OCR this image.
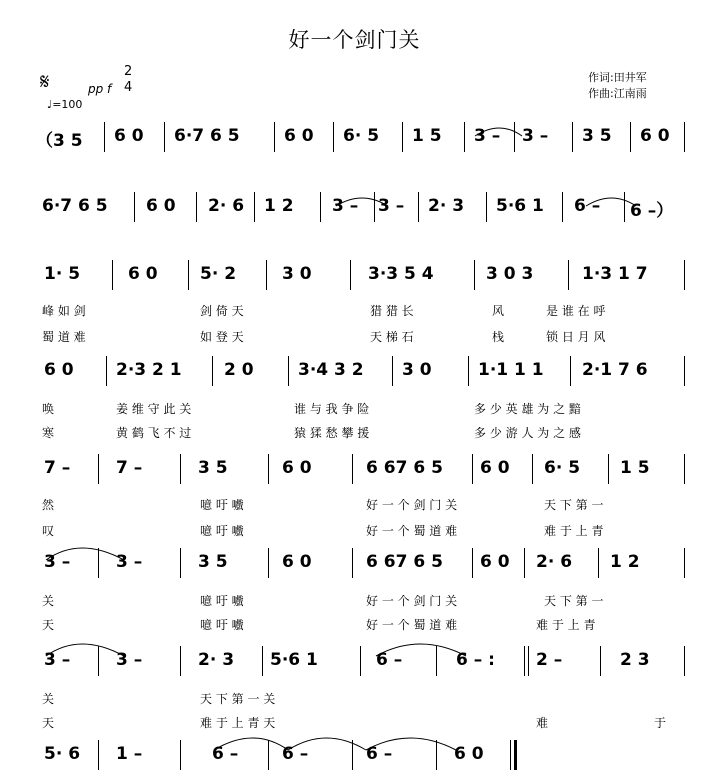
好一个剑门关
作词:田井军
作曲:江南雨
𝄋	pp f
2
4
♩=100
（3 5 6 0 6·7 6 5	6 0 6· 5 1 5 3 – 3 – 3 5 6 0
6·7 6 5 6 0 2· 6 1 2 3 – 3 – 2· 3 5·6 1 6 – 6 –）
1· 5	6 0 5· 2	3 0	3·3 5 4	3 0 3	1·3 1 7
峰 如 剑	剑 倚 天	猎 猎 长	风	是 谁 在 呼
蜀 道 难	如 登 天	天 梯 石	栈	锁 日 月 风
6 0 2·3 2 1 2 0	3·4 3 2 3 0	1·1 1 1 2·1 7 6
唤	姜 维 守 此 关	谁 与 我 争 险	多 少 英 雄 为 之 黯
寒	黄 鹤 飞 不 过	猿 猱 愁 攀 援	多 少 游 人 为 之 感
7 –	7 –	3 5	6 0	6 67 6 5 6 0 6· 5 1 5
然	噫 吁 嚱	好 一 个 剑 门 关	天 下 第 一
叹	噫 吁 嚱	好 一 个 蜀 道 难	难 于 上 青
3 –	3 –	3 5	6 0	6 67 6 5 6 0 2· 6 1 2
关	噫 吁 嚱	好 一 个 剑 门 关	天 下 第 一
天	噫 吁 嚱	好 一 个 蜀 道 难	难 于 上 青
3 –	3 –	2· 3 5·6 1	6 –	6 – : 2 –	2 3
关	天 下 第 一 关
天	难 于 上 青 天	难	于
5· 6 1 –	6 –	6 –	6 –	6 0
